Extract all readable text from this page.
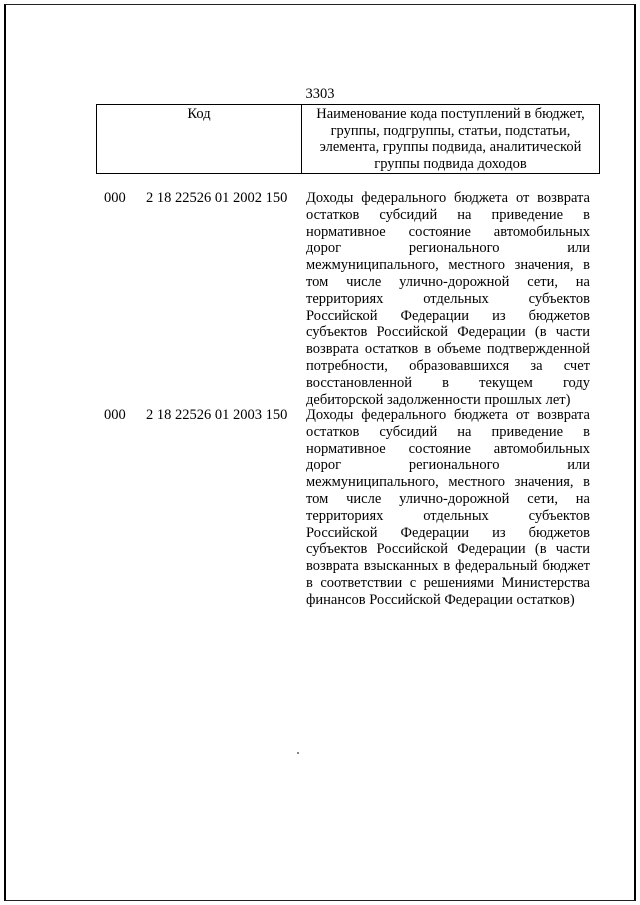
3303
Код	Наименование кода поступлений в бюджет, группы, подгруппы, статьи, подстатьи, элемента, группы подвида, аналитической группы подвида доходов
000	2 18 22526 01 2002 150	Доходы федерального бюджета от возврата остатков субсидий на приведение в нормативное состояние автомобильных дорог регионального или межмуниципального, местного значения, в том числе улично-дорожной сети, на территориях отдельных субъектов Российской Федерации из бюджетов субъектов Российской Федерации (в части возврата остатков в объеме подтвержденной потребности, образовавшихся за счет восстановленной в текущем году дебиторской задолженности прошлых лет)
000	2 18 22526 01 2003 150	Доходы федерального бюджета от возврата остатков субсидий на приведение в нормативное состояние автомобильных дорог регионального или межмуниципального, местного значения, в том числе улично-дорожной сети, на территориях отдельных субъектов Российской Федерации из бюджетов субъектов Российской Федерации (в части возврата взысканных в федеральный бюджет в соответствии с решениями Министерства финансов Российской Федерации остатков)
